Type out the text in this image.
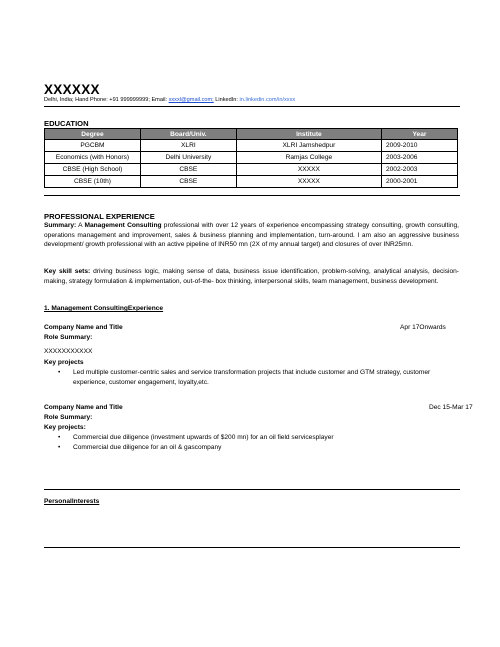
XXXXXX
Delhi, India; Hand Phone: +91 999999999; Email: xxxxl@gmail.com; LinkedIn: in.linkedin.com/in/xxxx
EDUCATION
Degree	Board/Univ.	Institute	Year
PGCBM	XLRI	XLRI Jamshedpur	2009-2010
Economics (with Honors)	Delhi University	Ramjas College	2003-2006
CBSE (High School)	CBSE	XXXXX	2002-2003
CBSE (10th)	CBSE	XXXXX	2000-2001
PROFESSIONAL EXPERIENCE
Summary: A Management Consulting professional with over 12 years of experience encompassing strategy consulting, growth consulting, operations management and improvement, sales & business planning and implementation, turn-around. I am also an aggressive business development/ growth professional with an active pipeline of INR50 mn (2X of my annual target) and closures of over INR25mn.
Key skill sets: driving business logic, making sense of data, business issue identification, problem-solving, analytical analysis, decision-making, strategy formulation & implementation, out-of-the- box thinking, interpersonal skills, team management, business development.
1. Management ConsultingExperience
Company Name and Title	Apr 17Onwards
Role Summary:
XXXXXXXXXXX
Key projects
• Led multiple customer-centric sales and service transformation projects that include customer and GTM strategy, customer experience, customer engagement, loyalty,etc.
Company Name and Title	Dec 15-Mar 17
Role Summary:
Key projects:
• Commercial due diligence (investment upwards of $200 mn) for an oil field servicesplayer
• Commercial due diligence for an oil & gascompany
PersonalInterests
